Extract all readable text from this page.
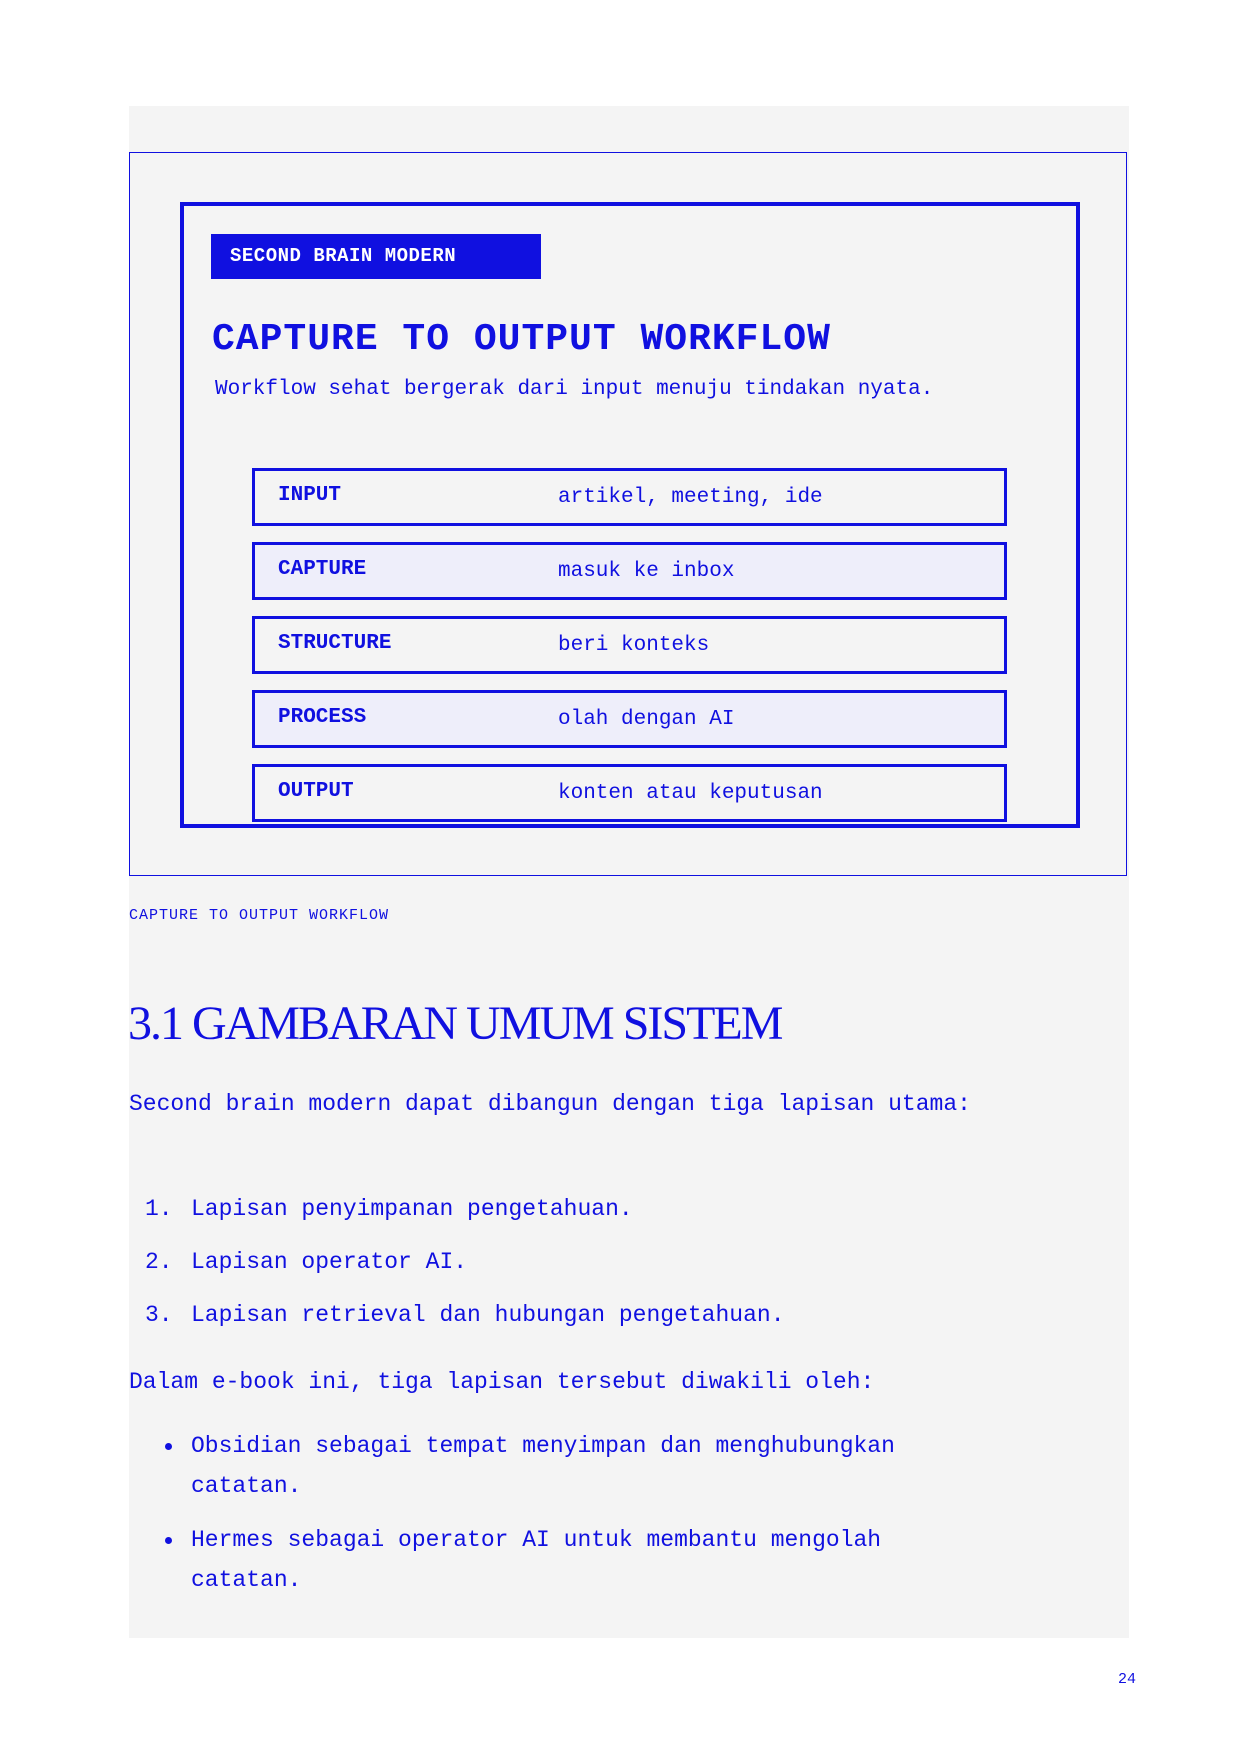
SECOND BRAIN MODERN
CAPTURE TO OUTPUT WORKFLOW
Workflow sehat bergerak dari input menuju tindakan nyata.
INPUT	artikel, meeting, ide
CAPTURE	masuk ke inbox
STRUCTURE	beri konteks
PROCESS	olah dengan AI
OUTPUT	konten atau keputusan
CAPTURE TO OUTPUT WORKFLOW
3.1 GAMBARAN UMUM SISTEM
Second brain modern dapat dibangun dengan tiga lapisan utama:
1. Lapisan penyimpanan pengetahuan.
2. Lapisan operator AI.
3. Lapisan retrieval dan hubungan pengetahuan.
Dalam e-book ini, tiga lapisan tersebut diwakili oleh:
Obsidian sebagai tempat menyimpan dan menghubungkan catatan.
Hermes sebagai operator AI untuk membantu mengolah catatan.
24
